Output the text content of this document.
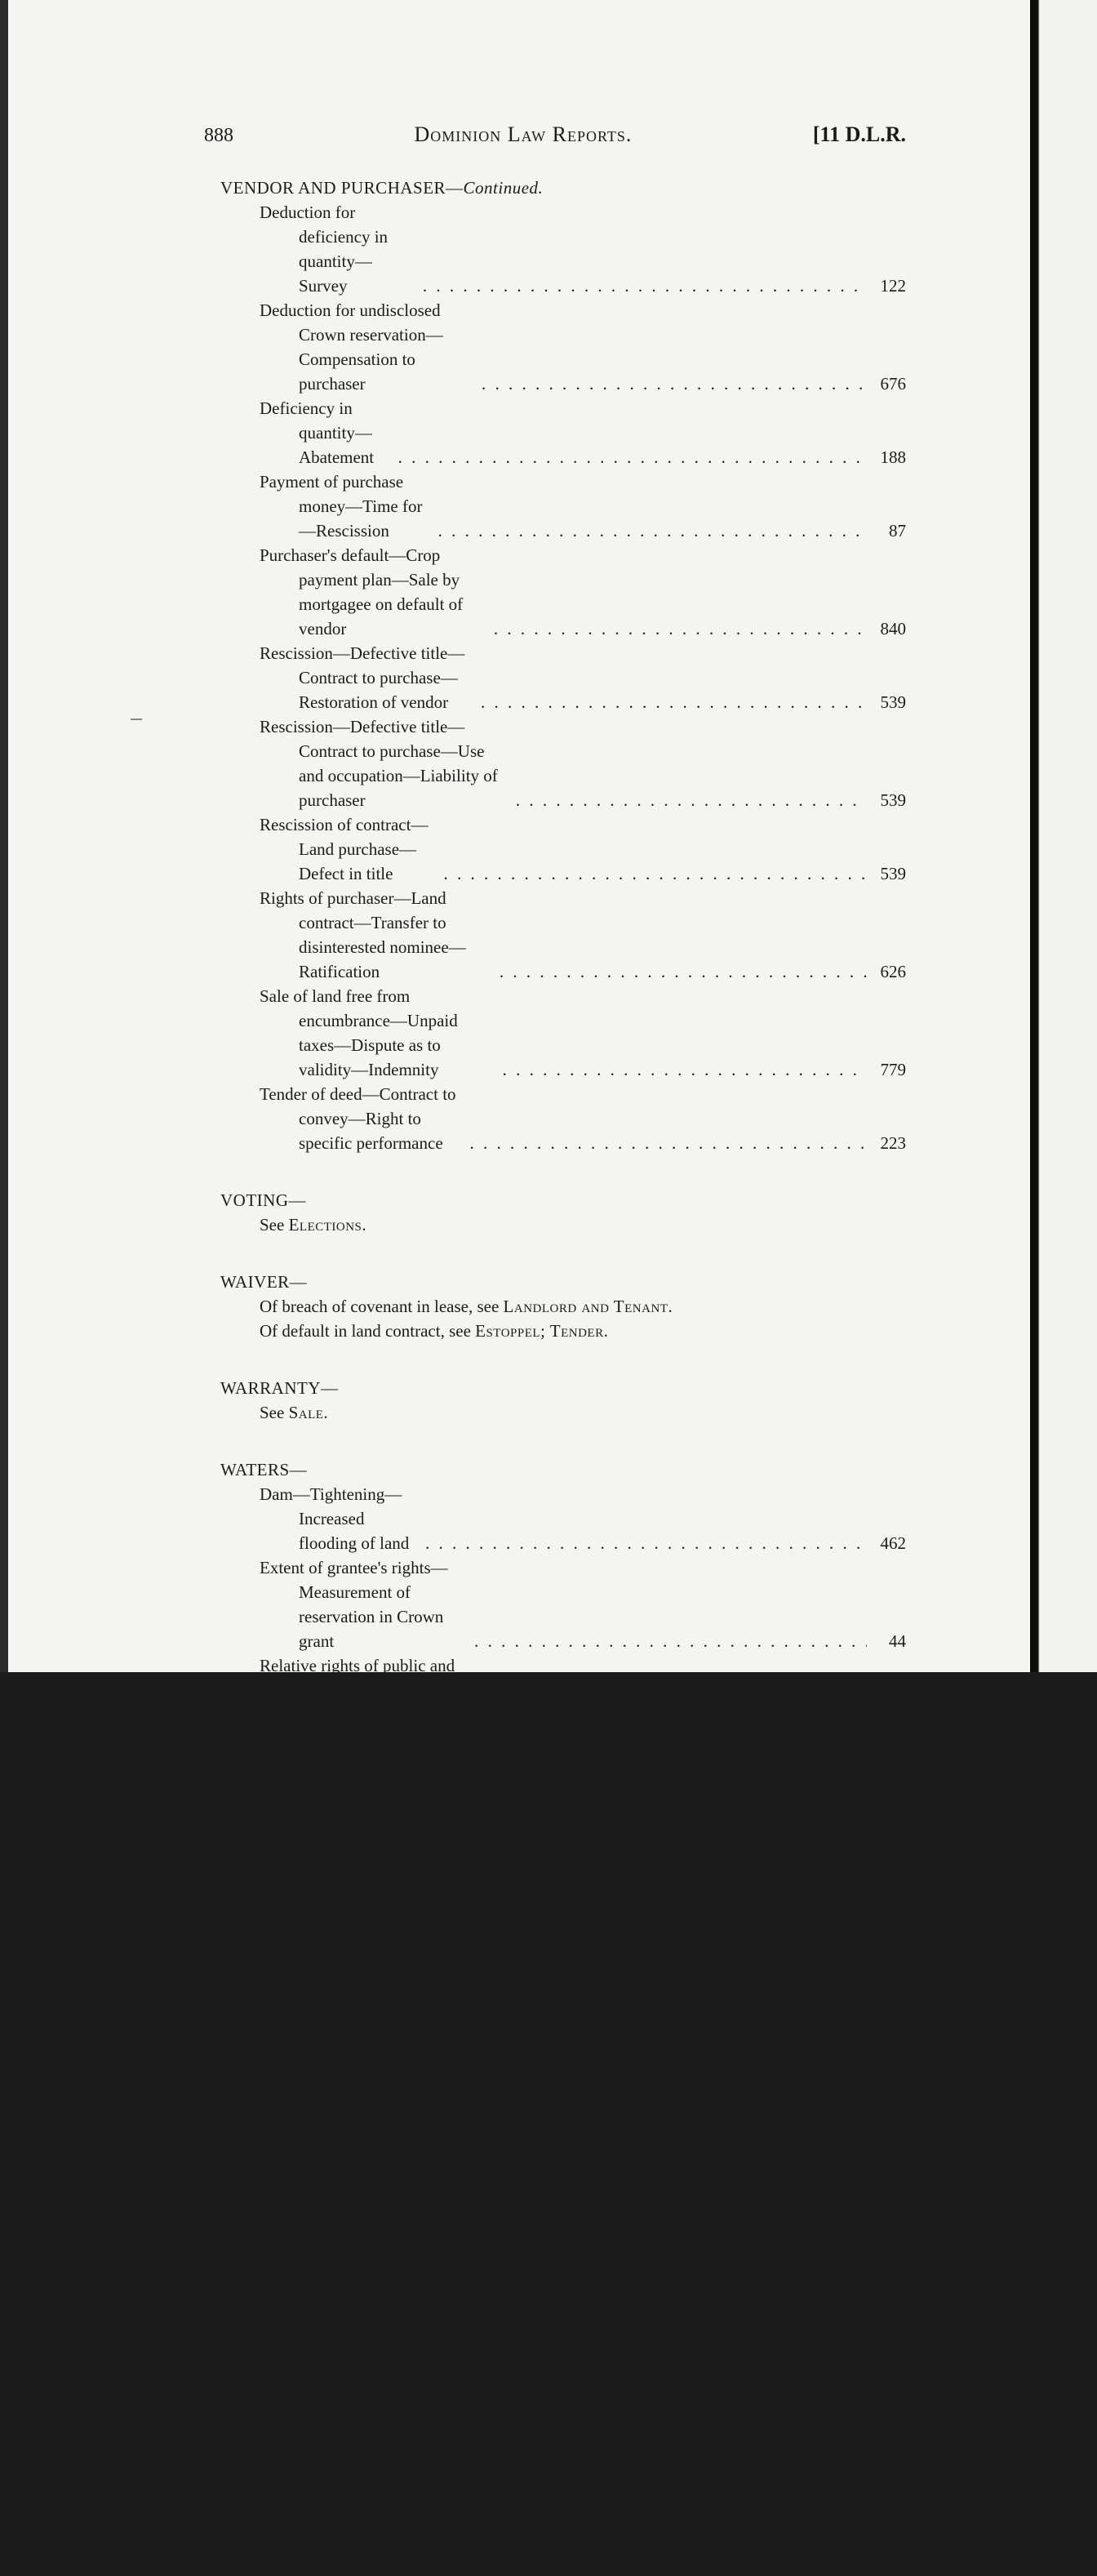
888	Dominion Law Reports.	[11 D.L.R.
VENDOR AND PURCHASER—Continued.
Deduction for deficiency in quantity—Survey . . .	122
Deduction for undisclosed Crown reservation—Compensation to purchaser . . .	676
Deficiency in quantity—Abatement . . .	188
Payment of purchase money—Time for—Rescission . . .	87
Purchaser's default—Crop payment plan—Sale by mortgagee on default of vendor . . .	840
Rescission—Defective title—Contract to purchase—Restoration of vendor . . .	539
Rescission—Defective title—Contract to purchase—Use and occupation—Liability of purchaser . . .	539
Rescission of contract—Land purchase—Defect in title . . .	539
Rights of purchaser—Land contract—Transfer to disinterested nominee—Ratification . . .	626
Sale of land free from encumbrance—Unpaid taxes—Dispute as to validity—Indemnity . . .	779
Tender of deed—Contract to convey—Right to specific performance . . .	223
VOTING—
See Elections.
WAIVER—
Of breach of covenant in lease, see Landlord and Tenant.
Of default in land contract, see Estoppel; Tender.
WARRANTY—
See Sale.
WATERS—
Dam—Tightening—Increased flooding of land . . .	462
Extent of grantee's rights—Measurement of reservation in Crown grant . . .	44
Relative rights of public and individuals—Crown grant—Bed of river . . .	584
Rights of riparian owner—Driving logs—Reserve along banks of stream . . .	44
What are watercourses—Rivers—“Channel” defined . . .	584
WILLS—
Bequests—Charge on—Construction . . .	678
Bequest of income—Fund to be invested in realty for home for donee on marriage—Estate created . . .	576
Codicil—Revocation of will, when . . .	20
Construction—Devise—Estate created—For life or in fee . . .	783
Construction—Direction to continue interest in partnership—Valuation—Increase in land values . . .	825
Construction—“Heirs”—Legal and colloquial meanings, considered —Interpretation . . .	52
Devise and legacy—“Discretion” of named trustee—Exercise by others . . .	329
